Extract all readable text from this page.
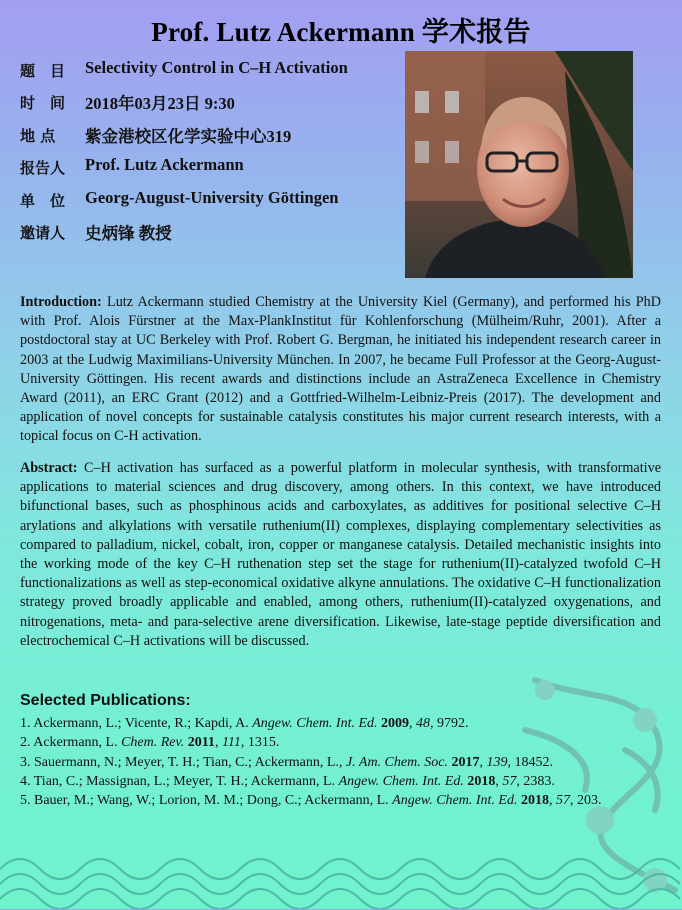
Prof. Lutz Ackermann 学术报告
题　目	Selectivity Control in C–H Activation
时　间	2018年03月23日 9:30
地 点	紫金港校区化学实验中心319
报告人	Prof. Lutz Ackermann
单　位	Georg-August-University Göttingen
邀请人	史炳锋 教授
Introduction: Lutz Ackermann studied Chemistry at the University Kiel (Germany), and performed his PhD with Prof. Alois Fürstner at the Max-PlankInstitut für Kohlenforschung (Mülheim/Ruhr, 2001). After a postdoctoral stay at UC Berkeley with Prof. Robert G. Bergman, he initiated his independent research career in 2003 at the Ludwig Maximilians-University München. In 2007, he became Full Professor at the Georg-August-University Göttingen. His recent awards and distinctions include an AstraZeneca Excellence in Chemistry Award (2011), an ERC Grant (2012) and a Gottfried-Wilhelm-Leibniz-Preis (2017). The development and application of novel concepts for sustainable catalysis constitutes his major current research interests, with a topical focus on C-H activation.
Abstract: C–H activation has surfaced as a powerful platform in molecular synthesis, with transformative applications to material sciences and drug discovery, among others. In this context, we have introduced bifunctional bases, such as phosphinous acids and carboxylates, as additives for positional selective C–H arylations and alkylations with versatile ruthenium(II) complexes, displaying complementary selectivities as compared to palladium, nickel, cobalt, iron, copper or manganese catalysis. Detailed mechanistic insights into the working mode of the key C–H ruthenation step set the stage for ruthenium(II)-catalyzed twofold C–H functionalizations as well as step-economical oxidative alkyne annulations. The oxidative C–H functionalization strategy proved broadly applicable and enabled, among others, ruthenium(II)-catalyzed oxygenations, and nitrogenations, meta- and para-selective arene diversification. Likewise, late-stage peptide diversification and electrochemical C–H activations will be discussed.
Selected Publications:
1. Ackermann, L.; Vicente, R.; Kapdi, A. Angew. Chem. Int. Ed. 2009, 48, 9792.
2. Ackermann, L. Chem. Rev. 2011, 111, 1315.
3. Sauermann, N.; Meyer, T. H.; Tian, C.; Ackermann, L., J. Am. Chem. Soc. 2017, 139, 18452.
4. Tian, C.; Massignan, L.; Meyer, T. H.; Ackermann, L. Angew. Chem. Int. Ed. 2018, 57, 2383.
5. Bauer, M.; Wang, W.; Lorion, M. M.; Dong, C.; Ackermann, L. Angew. Chem. Int. Ed. 2018, 57, 203.
